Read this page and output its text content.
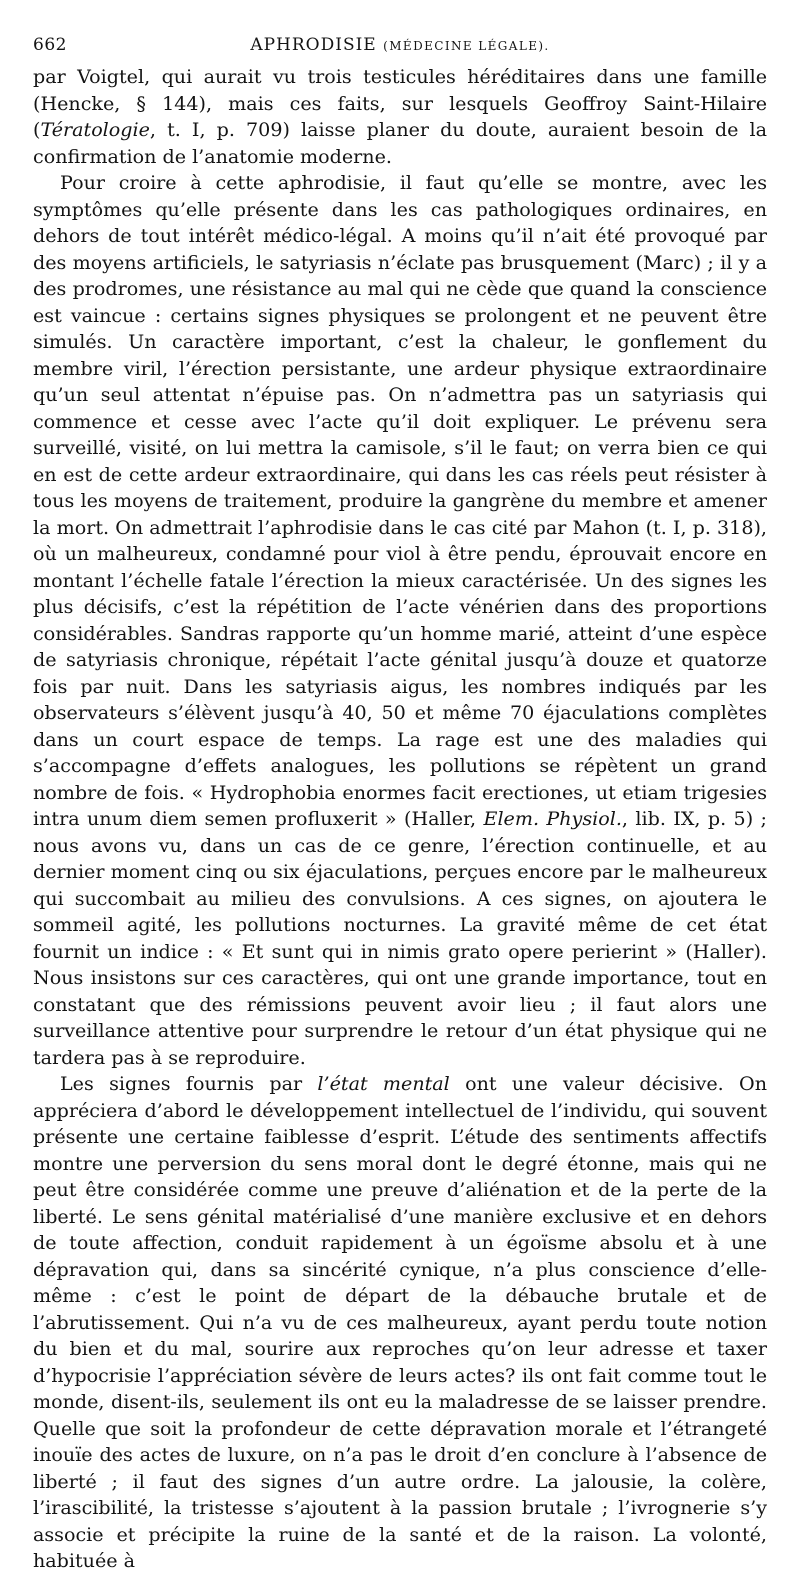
662	APHRODISIE (MÉDECINE LÉGALE).

par Voigtel, qui aurait vu trois testicules héréditaires dans une famille (Hencke, § 144), mais ces faits, sur lesquels Geoffroy Saint-Hilaire (Tératologie, t. I, p. 709) laisse planer du doute, auraient besoin de la confirmation de l’anatomie moderne.

Pour croire à cette aphrodisie, il faut qu’elle se montre, avec les symptômes qu’elle présente dans les cas pathologiques ordinaires, en dehors de tout intérêt médico-légal. A moins qu’il n’ait été provoqué par des moyens artificiels, le satyriasis n’éclate pas brusquement (Marc) ; il y a des prodromes, une résistance au mal qui ne cède que quand la conscience est vaincue : certains signes physiques se prolongent et ne peuvent être simulés. Un caractère important, c’est la chaleur, le gonflement du membre viril, l’érection persistante, une ardeur physique extraordinaire qu’un seul attentat n’épuise pas. On n’admettra pas un satyriasis qui commence et cesse avec l’acte qu’il doit expliquer. Le prévenu sera surveillé, visité, on lui mettra la camisole, s’il le faut; on verra bien ce qui en est de cette ardeur extraordinaire, qui dans les cas réels peut résister à tous les moyens de traitement, produire la gangrène du membre et amener la mort. On admettrait l’aphrodisie dans le cas cité par Mahon (t. I, p. 318), où un malheureux, condamné pour viol à être pendu, éprouvait encore en montant l’échelle fatale l’érection la mieux caractérisée. Un des signes les plus décisifs, c’est la répétition de l’acte vénérien dans des proportions considérables. Sandras rapporte qu’un homme marié, atteint d’une espèce de satyriasis chronique, répétait l’acte génital jusqu’à douze et quatorze fois par nuit. Dans les satyriasis aigus, les nombres indiqués par les observateurs s’élèvent jusqu’à 40, 50 et même 70 éjaculations complètes dans un court espace de temps. La rage est une des maladies qui s’accompagne d’effets analogues, les pollutions se répètent un grand nombre de fois. « Hydrophobia enormes facit erectiones, ut etiam trigesies intra unum diem semen profluxerit » (Haller, Elem. Physiol., lib. IX, p. 5) ; nous avons vu, dans un cas de ce genre, l’érection continuelle, et au dernier moment cinq ou six éjaculations, perçues encore par le malheureux qui succombait au milieu des convulsions. A ces signes, on ajoutera le sommeil agité, les pollutions nocturnes. La gravité même de cet état fournit un indice : « Et sunt qui in nimis grato opere perierint » (Haller). Nous insistons sur ces caractères, qui ont une grande importance, tout en constatant que des rémissions peuvent avoir lieu ; il faut alors une surveillance attentive pour surprendre le retour d’un état physique qui ne tardera pas à se reproduire.

Les signes fournis par l’état mental ont une valeur décisive. On appréciera d’abord le développement intellectuel de l’individu, qui souvent présente une certaine faiblesse d’esprit. L’étude des sentiments affectifs montre une perversion du sens moral dont le degré étonne, mais qui ne peut être considérée comme une preuve d’aliénation et de la perte de la liberté. Le sens génital matérialisé d’une manière exclusive et en dehors de toute affection, conduit rapidement à un égoïsme absolu et à une dépravation qui, dans sa sincérité cynique, n’a plus conscience d’elle-même : c’est le point de départ de la débauche brutale et de l’abrutissement. Qui n’a vu de ces malheureux, ayant perdu toute notion du bien et du mal, sourire aux reproches qu’on leur adresse et taxer d’hypocrisie l’appréciation sévère de leurs actes? ils ont fait comme tout le monde, disent-ils, seulement ils ont eu la maladresse de se laisser prendre. Quelle que soit la profondeur de cette dépravation morale et l’étrangeté inouïe des actes de luxure, on n’a pas le droit d’en conclure à l’absence de liberté ; il faut des signes d’un autre ordre. La jalousie, la colère, l’irascibilité, la tristesse s’ajoutent à la passion brutale ; l’ivrognerie s’y associe et précipite la ruine de la santé et de la raison. La volonté, habituée à
